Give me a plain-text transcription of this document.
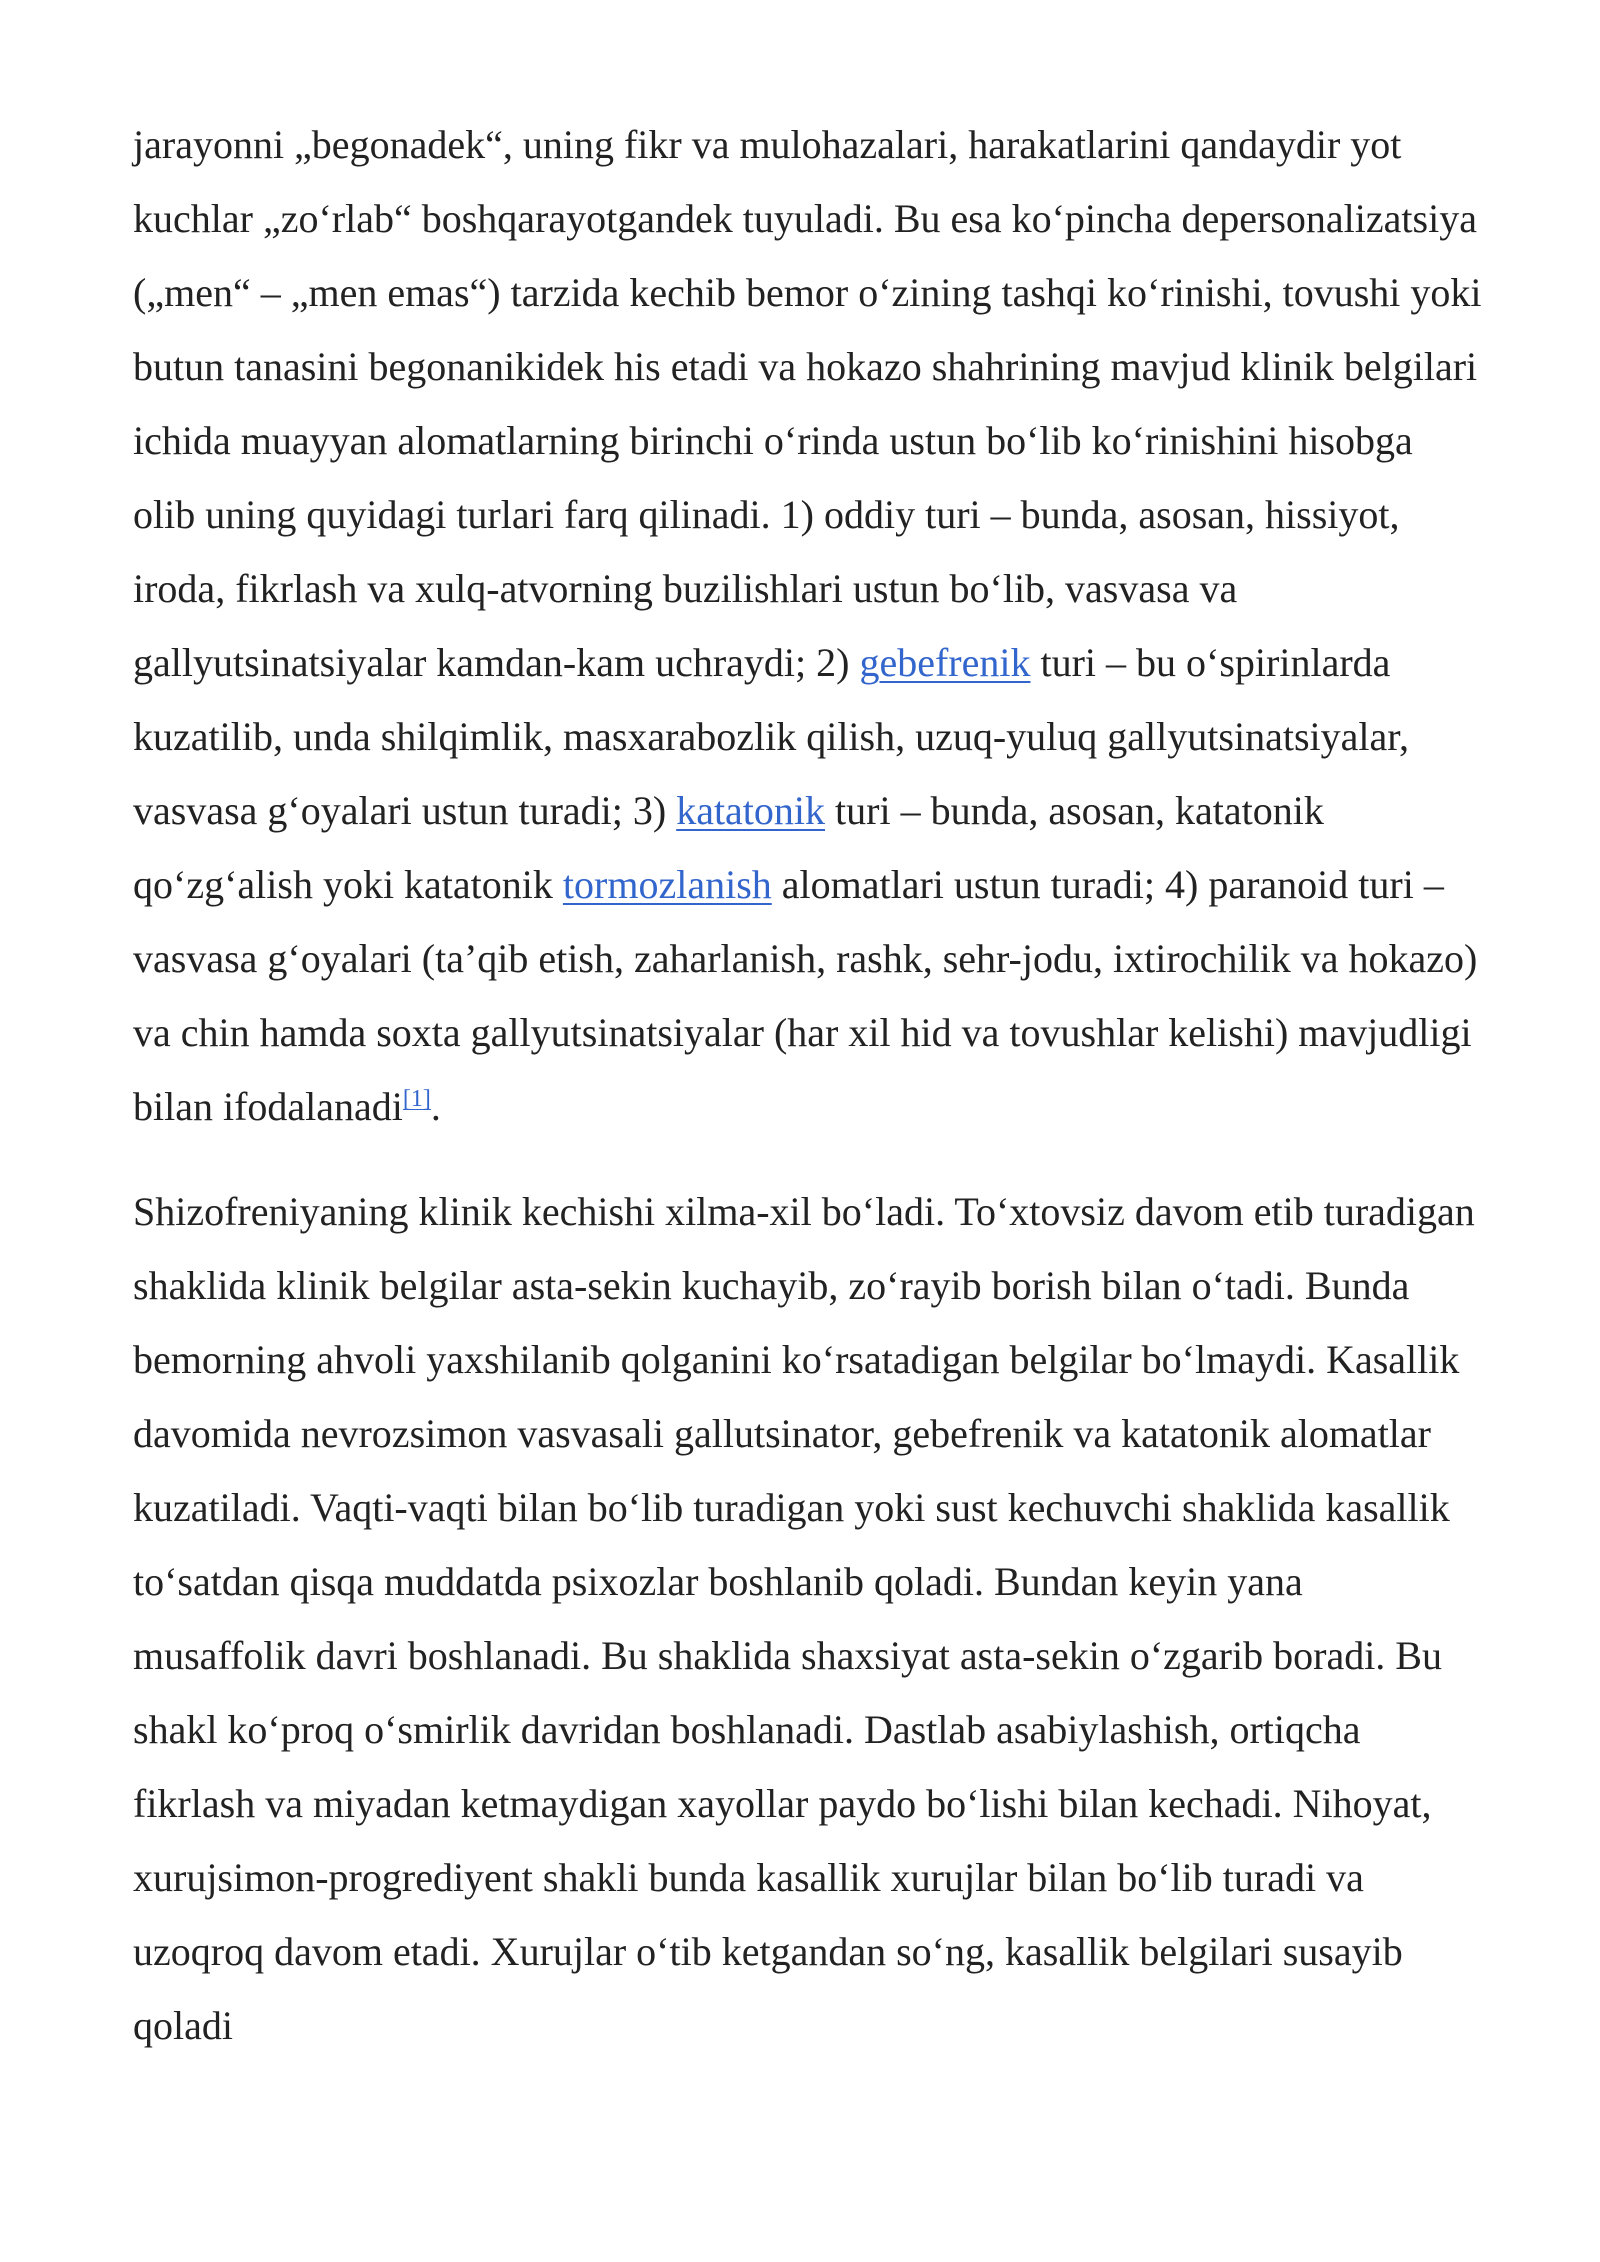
jarayonni „begonadek“, uning fikr va mulohazalari, harakatlarini qandaydir yot kuchlar „zo‘rlab“ boshqarayotgandek tuyuladi. Bu esa ko‘pincha depersonalizatsiya („men“ – „men emas“) tarzida kechib bemor o‘zining tashqi ko‘rinishi, tovushi yoki butun tanasini begonanikidek his etadi va hokazo shahrining mavjud klinik belgilari ichida muayyan alomatlarning birinchi o‘rinda ustun bo‘lib ko‘rinishini hisobga olib uning quyidagi turlari farq qilinadi. 1) oddiy turi – bunda, asosan, hissiyot, iroda, fikrlash va xulq-atvorning buzilishlari ustun bo‘lib, vasvasa va gallyutsinatsiyalar kamdan-kam uchraydi; 2) gebefrenik turi – bu o‘spirinlarda kuzatilib, unda shilqimlik, masxarabozlik qilish, uzuq-yuluq gallyutsinatsiyalar, vasvasa g‘oyalari ustun turadi; 3) katatonik turi – bunda, asosan, katatonik qo‘zg‘alish yoki katatonik tormozlanish alomatlari ustun turadi; 4) paranoid turi – vasvasa g‘oyalari (ta’qib etish, zaharlanish, rashk, sehr-jodu, ixtirochilik va hokazo) va chin hamda soxta gallyutsinatsiyalar (har xil hid va tovushlar kelishi) mavjudligi bilan ifodalanadi[1].

Shizofreniyaning klinik kechishi xilma-xil bo‘ladi. To‘xtovsiz davom etib turadigan shaklida klinik belgilar asta-sekin kuchayib, zo‘rayib borish bilan o‘tadi. Bunda bemorning ahvoli yaxshilanib qolganini ko‘rsatadigan belgilar bo‘lmaydi. Kasallik davomida nevrozsimon vasvasali gallutsinator, gebefrenik va katatonik alomatlar kuzatiladi. Vaqti-vaqti bilan bo‘lib turadigan yoki sust kechuvchi shaklida kasallik to‘satdan qisqa muddatda psixozlar boshlanib qoladi. Bundan keyin yana musaffolik davri boshlanadi. Bu shaklida shaxsiyat asta-sekin o‘zgarib boradi. Bu shakl ko‘proq o‘smirlik davridan boshlanadi. Dastlab asabiylashish, ortiqcha fikrlash va miyadan ketmaydigan xayollar paydo bo‘lishi bilan kechadi. Nihoyat, xurujsimon-progrediyent shakli bunda kasallik xurujlar bilan bo‘lib turadi va uzoqroq davom etadi. Xurujlar o‘tib ketgandan so‘ng, kasallik belgilari susayib qoladi
